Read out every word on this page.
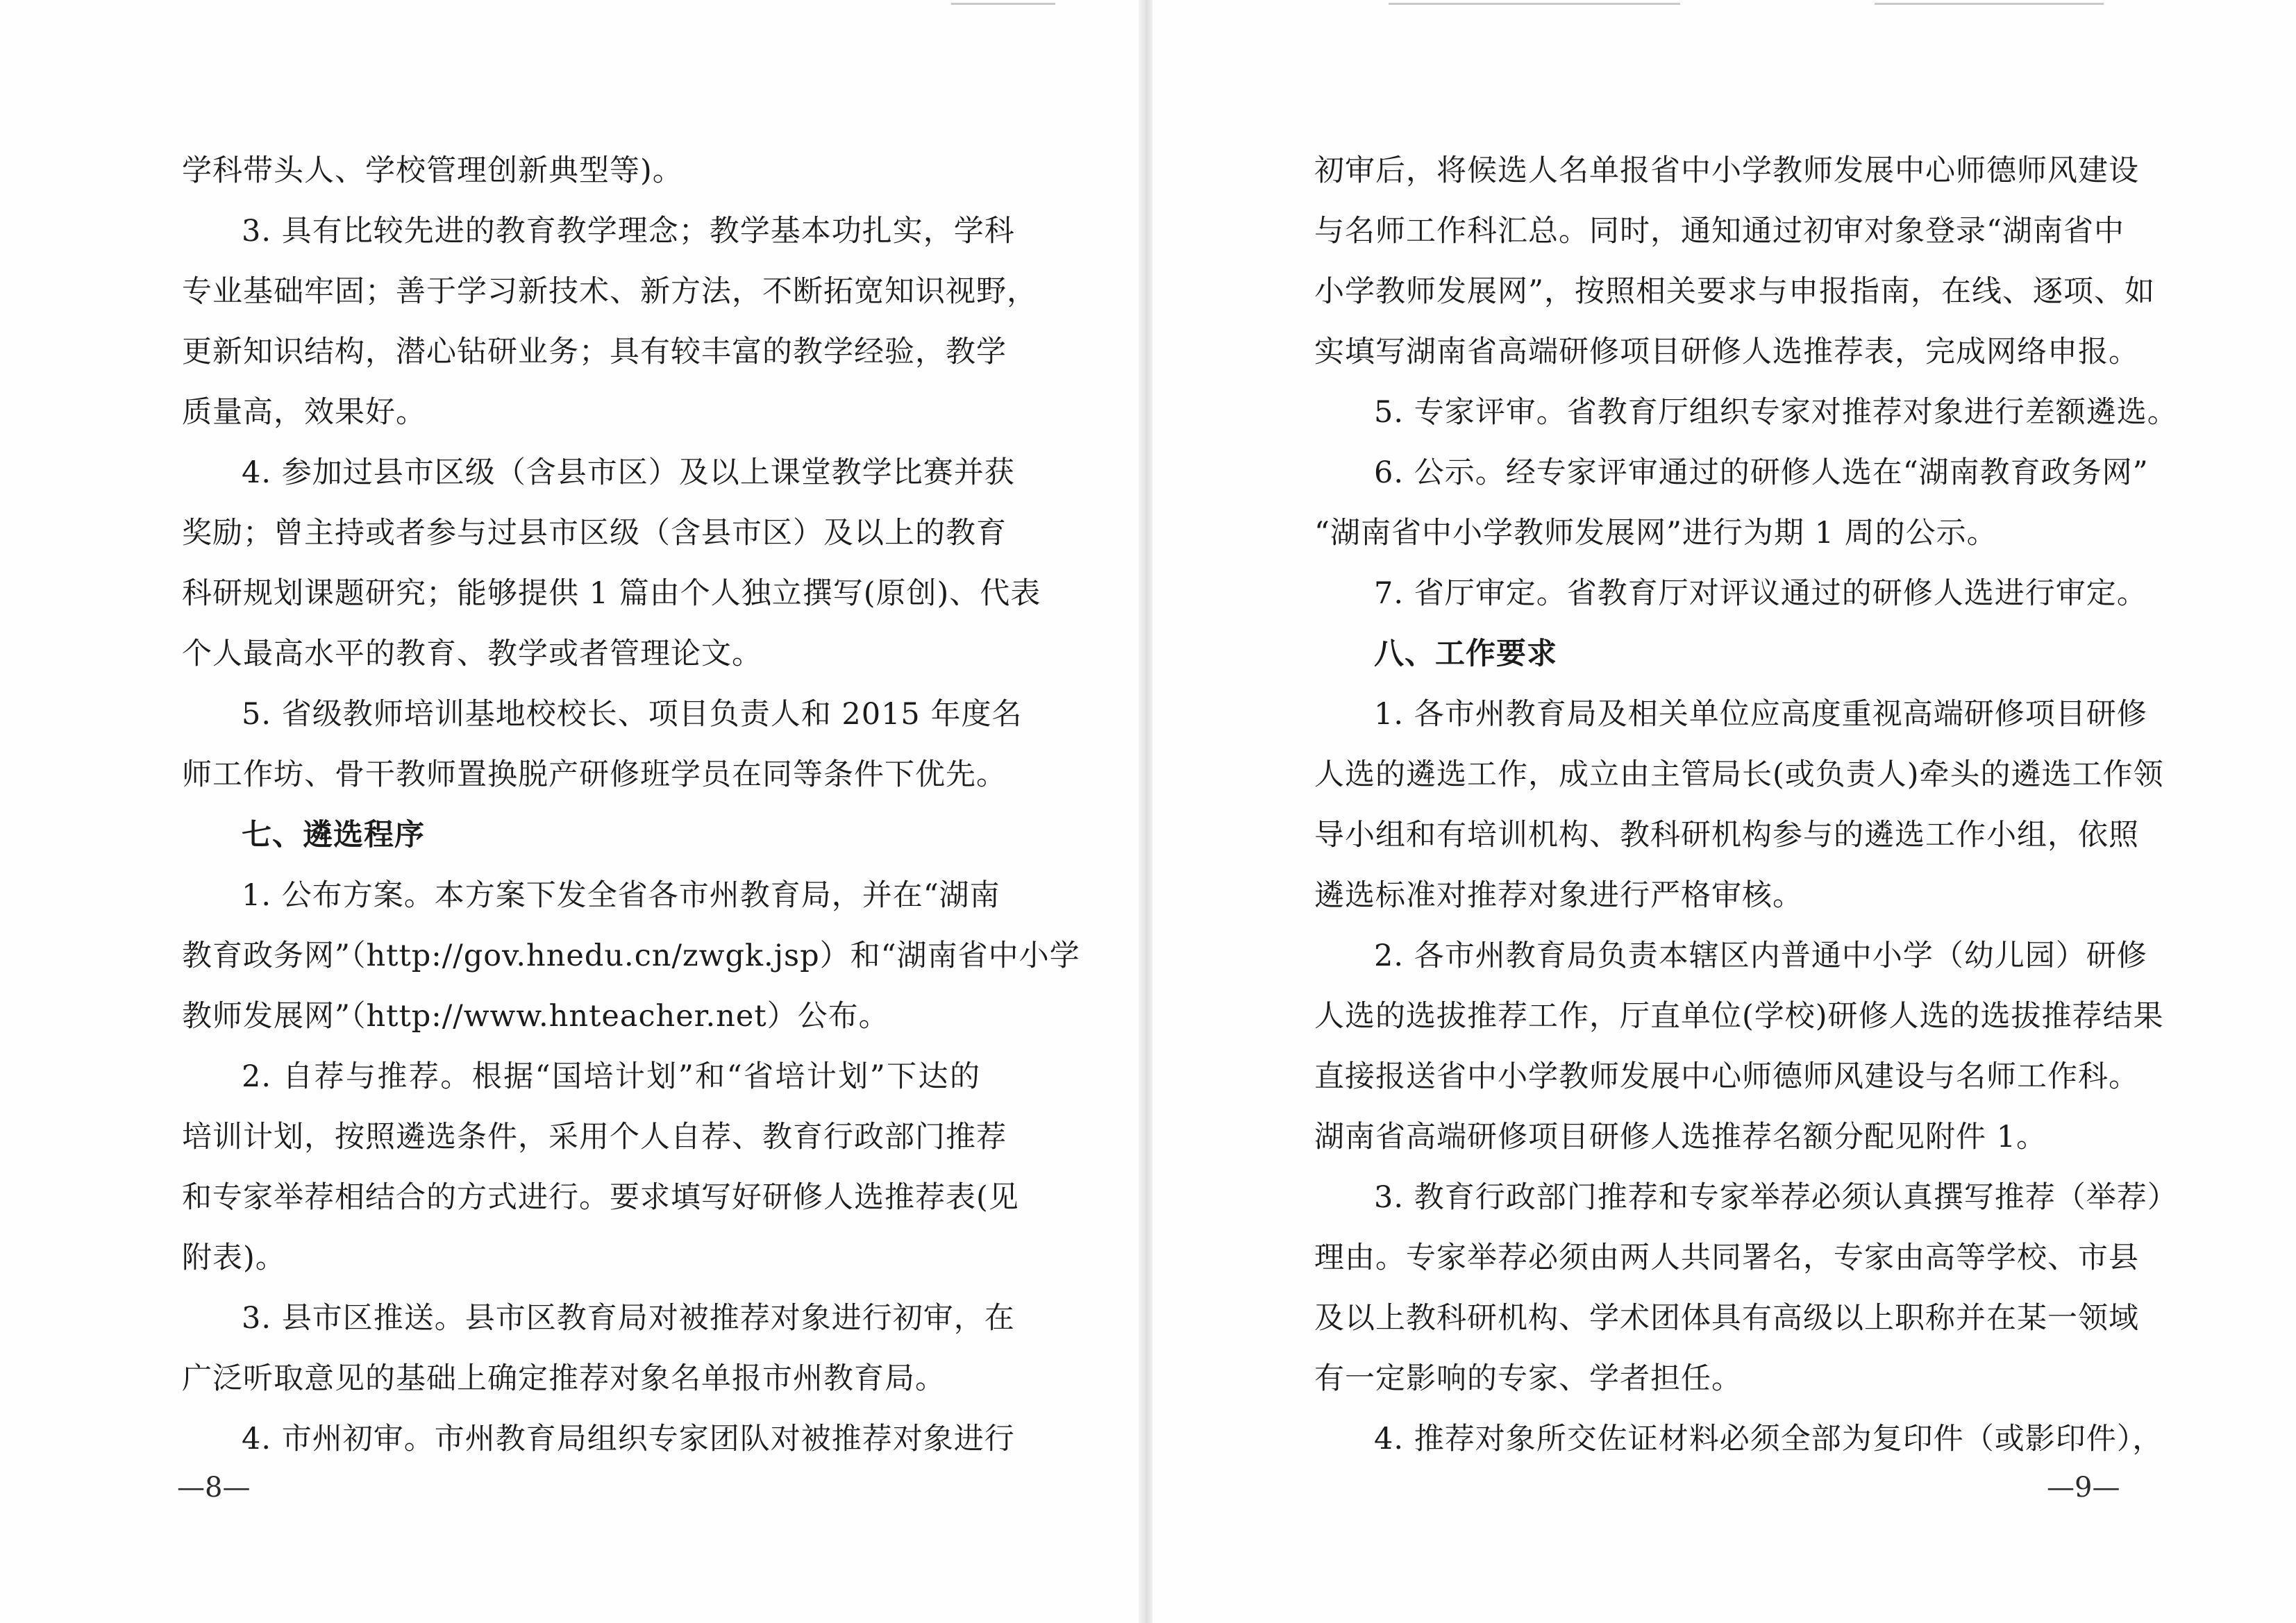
学科带头人、学校管理创新典型等)。
3. 具有比较先进的教育教学理念；教学基本功扎实，学科
专业基础牢固；善于学习新技术、新方法，不断拓宽知识视野，
更新知识结构，潜心钻研业务；具有较丰富的教学经验，教学
质量高，效果好。
4. 参加过县市区级（含县市区）及以上课堂教学比赛并获
奖励；曾主持或者参与过县市区级（含县市区）及以上的教育
科研规划课题研究；能够提供 1 篇由个人独立撰写(原创)、代表
个人最高水平的教育、教学或者管理论文。
5. 省级教师培训基地校校长、项目负责人和 2015 年度名
师工作坊、骨干教师置换脱产研修班学员在同等条件下优先。
七、遴选程序
1. 公布方案。本方案下发全省各市州教育局，并在“湖南
教育政务网”（http://gov.hnedu.cn/zwgk.jsp）和“湖南省中小学
教师发展网”（http://www.hnteacher.net）公布。
2. 自荐与推荐。根据“国培计划”和“省培计划”下达的
培训计划，按照遴选条件，采用个人自荐、教育行政部门推荐
和专家举荐相结合的方式进行。要求填写好研修人选推荐表(见
附表)。
3. 县市区推送。县市区教育局对被推荐对象进行初审，在
广泛听取意见的基础上确定推荐对象名单报市州教育局。
4. 市州初审。市州教育局组织专家团队对被推荐对象进行
—8—
初审后，将候选人名单报省中小学教师发展中心师德师风建设
与名师工作科汇总。同时，通知通过初审对象登录“湖南省中
小学教师发展网”，按照相关要求与申报指南，在线、逐项、如
实填写湖南省高端研修项目研修人选推荐表，完成网络申报。
5. 专家评审。省教育厅组织专家对推荐对象进行差额遴选。
6. 公示。经专家评审通过的研修人选在“湖南教育政务网”
“湖南省中小学教师发展网”进行为期 1 周的公示。
7. 省厅审定。省教育厅对评议通过的研修人选进行审定。
八、工作要求
1. 各市州教育局及相关单位应高度重视高端研修项目研修
人选的遴选工作，成立由主管局长(或负责人)牵头的遴选工作领
导小组和有培训机构、教科研机构参与的遴选工作小组，依照
遴选标准对推荐对象进行严格审核。
2. 各市州教育局负责本辖区内普通中小学（幼儿园）研修
人选的选拔推荐工作，厅直单位(学校)研修人选的选拔推荐结果
直接报送省中小学教师发展中心师德师风建设与名师工作科。
湖南省高端研修项目研修人选推荐名额分配见附件 1。
3. 教育行政部门推荐和专家举荐必须认真撰写推荐（举荐）
理由。专家举荐必须由两人共同署名，专家由高等学校、市县
及以上教科研机构、学术团体具有高级以上职称并在某一领域
有一定影响的专家、学者担任。
4. 推荐对象所交佐证材料必须全部为复印件（或影印件），
—9—
